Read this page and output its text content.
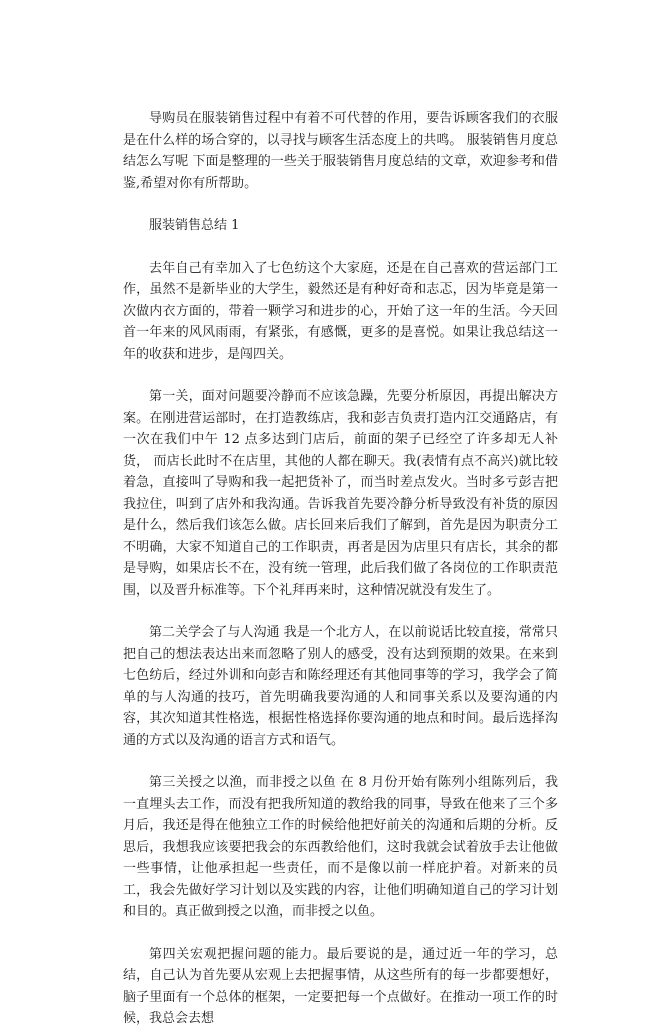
导购员在服装销售过程中有着不可代替的作用，要告诉顾客我们的衣服是在什么样的场合穿的，以寻找与顾客生活态度上的共鸣。 服装销售月度总结怎么写呢 下面是整理的一些关于服装销售月度总结的文章，欢迎参考和借鉴,希望对你有所帮助。

服装销售总结 1

去年自己有幸加入了七色纺这个大家庭，还是在自己喜欢的营运部门工作，虽然不是新毕业的大学生，毅然还是有种好奇和志忑，因为毕竟是第一次做内衣方面的，带着一颗学习和进步的心，开始了这一年的生活。今天回首一年来的风风雨雨，有紧张，有感慨，更多的是喜悦。如果让我总结这一年的收获和进步，是闯四关。

第一关，面对问题要冷静而不应该急躁，先要分析原因，再提出解决方案。在刚进营运部时，在打造教练店，我和彭吉负责打造内江交通路店，有一次在我们中午 12 点多达到门店后，前面的架子已经空了许多却无人补货， 而店长此时不在店里，其他的人都在聊天。我(表情有点不高兴)就比较着急，直接叫了导购和我一起把货补了，而当时差点发火。当时多亏彭吉把我拉住，叫到了店外和我沟通。告诉我首先要冷静分析导致没有补货的原因是什么，然后我们该怎么做。店长回来后我们了解到，首先是因为职责分工不明确，大家不知道自己的工作职责，再者是因为店里只有店长，其余的都是导购，如果店长不在，没有统一管理，此后我们做了各岗位的工作职责范围，以及晋升标准等。下个礼拜再来时，这种情况就没有发生了。

第二关学会了与人沟通 我是一个北方人，在以前说话比较直接，常常只把自己的想法表达出来而忽略了别人的感受，没有达到预期的效果。在来到七色纺后，经过外训和向彭吉和陈经理还有其他同事等的学习，我学会了简单的与人沟通的技巧，首先明确我要沟通的人和同事关系以及要沟通的内容，其次知道其性格选，根据性格选择你要沟通的地点和时间。最后选择沟通的方式以及沟通的语言方式和语气。

第三关授之以渔，而非授之以鱼 在 8 月份开始有陈列小组陈列后，我一直埋头去工作，而没有把我所知道的教给我的同事，导致在他来了三个多月后，我还是得在他独立工作的时候给他把好前关的沟通和后期的分析。反思后，我想我应该要把我会的东西教给他们，这时我就会试着放手去让他做一些事情，让他承担起一些责任，而不是像以前一样庇护着。对新来的员工，我会先做好学习计划以及实践的内容，让他们明确知道自己的学习计划和目的。真正做到授之以渔，而非授之以鱼。

第四关宏观把握问题的能力。最后要说的是，通过近一年的学习，总结，自己认为首先要从宏观上去把握事情，从这些所有的每一步都要想好，脑子里面有一个总体的框架，一定要把每一个点做好。在推动一项工作的时候，我总会去想
